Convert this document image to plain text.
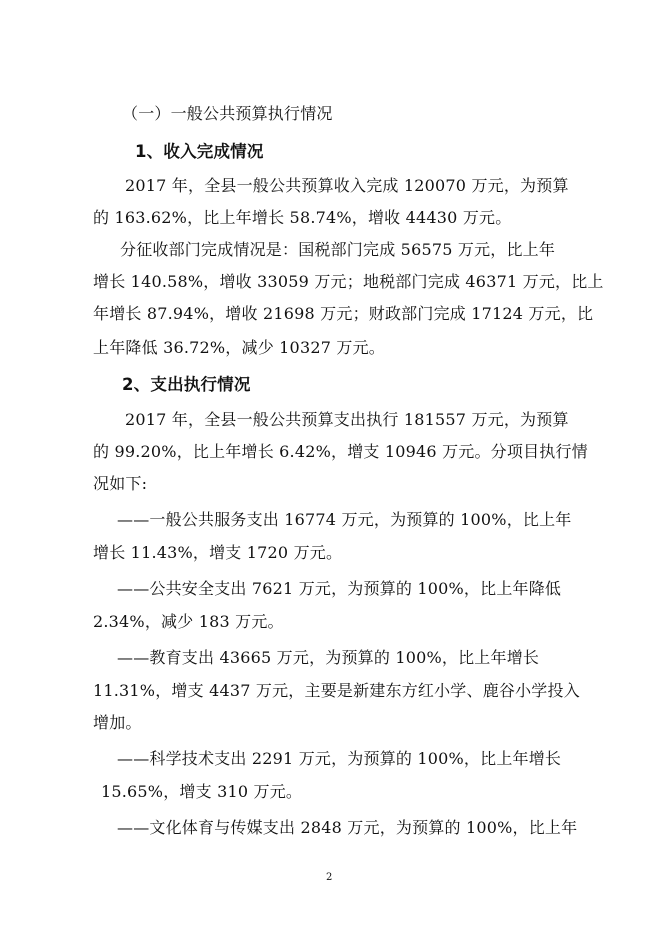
（一）一般公共预算执行情况
1、收入完成情况
2017 年，全县一般公共预算收入完成 120070 万元，为预算
的 163.62%，比上年增长 58.74%，增收 44430 万元。
分征收部门完成情况是：国税部门完成 56575 万元，比上年
增长 140.58%，增收 33059 万元；地税部门完成 46371 万元，比上
年增长 87.94%，增收 21698 万元；财政部门完成 17124 万元，比
上年降低 36.72%，减少 10327 万元。
2、支出执行情况
2017 年，全县一般公共预算支出执行 181557 万元，为预算
的 99.20%，比上年增长 6.42%，增支 10946 万元。分项目执行情
况如下:
——一般公共服务支出 16774 万元，为预算的 100%，比上年
增长 11.43%，增支 1720 万元。
——公共安全支出 7621 万元，为预算的 100%，比上年降低
2.34%，减少 183 万元。
——教育支出 43665 万元，为预算的 100%，比上年增长
11.31%，增支 4437 万元，主要是新建东方红小学、鹿谷小学投入
增加。
——科学技术支出 2291 万元，为预算的 100%，比上年增长
15.65%，增支 310 万元。
——文化体育与传媒支出 2848 万元，为预算的 100%，比上年
2
